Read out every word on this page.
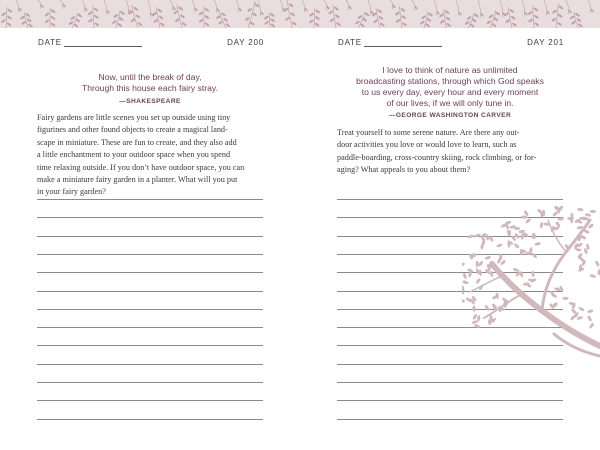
DATE	DAY 200
Now, until the break of day,
Through this house each fairy stray.
—SHAKESPEARE
Fairy gardens are little scenes you set up outside using tiny
figurines and other found objects to create a magical land-
scape in miniature. These are fun to create, and they also add
a little enchantment to your outdoor space when you spend
time relaxing outside. If you don’t have outdoor space, you can
make a miniature fairy garden in a planter. What will you put
in your fairy garden?
DATE	DAY 201
I love to think of nature as unlimited
broadcasting stations, through which God speaks
to us every day, every hour and every moment
of our lives, if we will only tune in.
—GEORGE WASHINGTON CARVER
Treat yourself to some serene nature. Are there any out-
door activities you love or would love to learn, such as
paddle-boarding, cross-country skiing, rock climbing, or for-
aging? What appeals to you about them?
